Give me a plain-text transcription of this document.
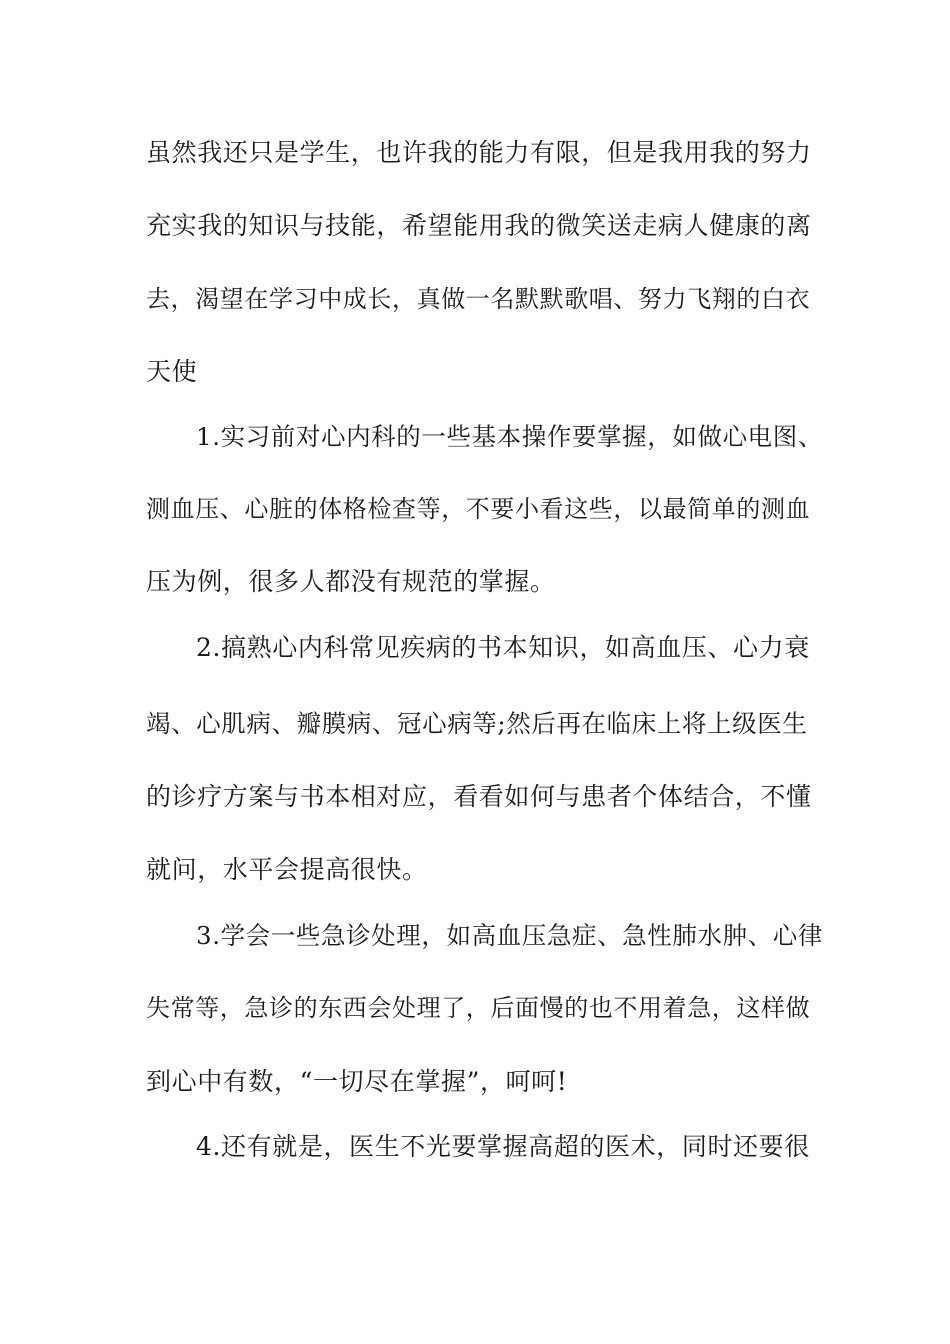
虽然我还只是学生，也许我的能力有限，但是我用我的努力
充实我的知识与技能，希望能用我的微笑送走病人健康的离
去，渴望在学习中成长，真做一名默默歌唱、努力飞翔的白衣
天使
1.实习前对心内科的一些基本操作要掌握，如做心电图、
测血压、心脏的体格检查等，不要小看这些，以最简单的测血
压为例，很多人都没有规范的掌握。
2.搞熟心内科常见疾病的书本知识，如高血压、心力衰
竭、心肌病、瓣膜病、冠心病等;然后再在临床上将上级医生
的诊疗方案与书本相对应，看看如何与患者个体结合，不懂
就问，水平会提高很快。
3.学会一些急诊处理，如高血压急症、急性肺水肿、心律
失常等，急诊的东西会处理了，后面慢的也不用着急，这样做
到心中有数，“一切尽在掌握”，呵呵!
4.还有就是，医生不光要掌握高超的医术，同时还要很
